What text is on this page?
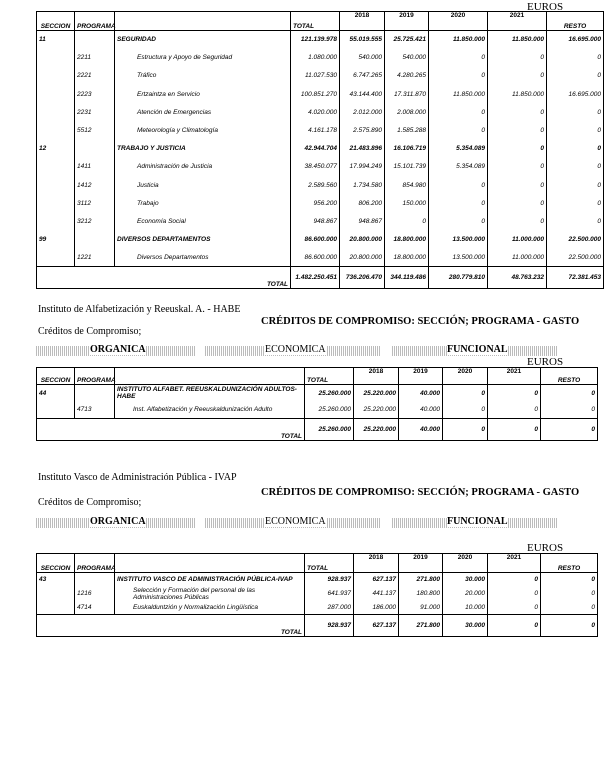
EUROS
SECCION	PROGRAMA		TOTAL	2018	2019	2020	2021	RESTO
11		SEGURIDAD	121.139.978	55.019.555	25.725.421	11.850.000	11.850.000	16.695.000
	2211	Estructura y Apoyo de Seguridad	1.080.000	540.000	540.000	0	0	0
	2221	Tráfico	11.027.530	6.747.265	4.280.265	0	0	0
	2223	Ertzaintza en Servicio	100.851.270	43.144.400	17.311.870	11.850.000	11.850.000	16.695.000
	2231	Atención de Emergencias	4.020.000	2.012.000	2.008.000	0	0	0
	5512	Meteorología y Climatología	4.161.178	2.575.890	1.585.288	0	0	0
12		TRABAJO Y JUSTICIA	42.944.704	21.483.896	16.106.719	5.354.089	0	0
	1411	Administración de Justicia	38.450.077	17.994.249	15.101.739	5.354.089	0	0
	1412	Justicia	2.589.560	1.734.580	854.980	0	0	0
	3112	Trabajo	956.200	806.200	150.000	0	0	0
	3212	Economía Social	948.867	948.867	0	0	0	0
99		DIVERSOS DEPARTAMENTOS	86.600.000	20.800.000	18.800.000	13.500.000	11.000.000	22.500.000
	1221	Diversos Departamentos	86.600.000	20.800.000	18.800.000	13.500.000	11.000.000	22.500.000
TOTAL			1.482.250.451	736.206.470	344.119.486	280.779.810	48.763.232	72.381.453
Instituto de Alfabetización y Reeuskal. A. - HABE
Créditos de Compromiso;
CRÉDITOS DE COMPROMISO: SECCIÓN; PROGRAMA - GASTO
ORGANICA	ECONOMICA	FUNCIONAL
EUROS
SECCION	PROGRAMA		TOTAL	2018	2019	2020	2021	RESTO
44		INSTITUTO ALFABET. REEUSKALDUNIZACIÓN ADULTOS-HABE	25.260.000	25.220.000	40.000	0	0	0
	4713	Inst. Alfabetización y Reeuskaldunización Adulto	25.260.000	25.220.000	40.000	0	0	0
TOTAL			25.260.000	25.220.000	40.000	0	0	0
Instituto Vasco de Administración Pública - IVAP
Créditos de Compromiso;
CRÉDITOS DE COMPROMISO: SECCIÓN; PROGRAMA - GASTO
ORGANICA	ECONOMICA	FUNCIONAL
EUROS
SECCION	PROGRAMA		TOTAL	2018	2019	2020	2021	RESTO
43		INSTITUTO VASCO DE ADMINISTRACIÓN PÚBLICA-IVAP	928.937	627.137	271.800	30.000	0	0
	1216	Selección y Formación del personal de las Administraciones Públicas	641.937	441.137	180.800	20.000	0	0
	4714	Euskalduntzión y Normalización Lingüística	287.000	186.000	91.000	10.000	0	0
TOTAL			928.937	627.137	271.800	30.000	0	0
